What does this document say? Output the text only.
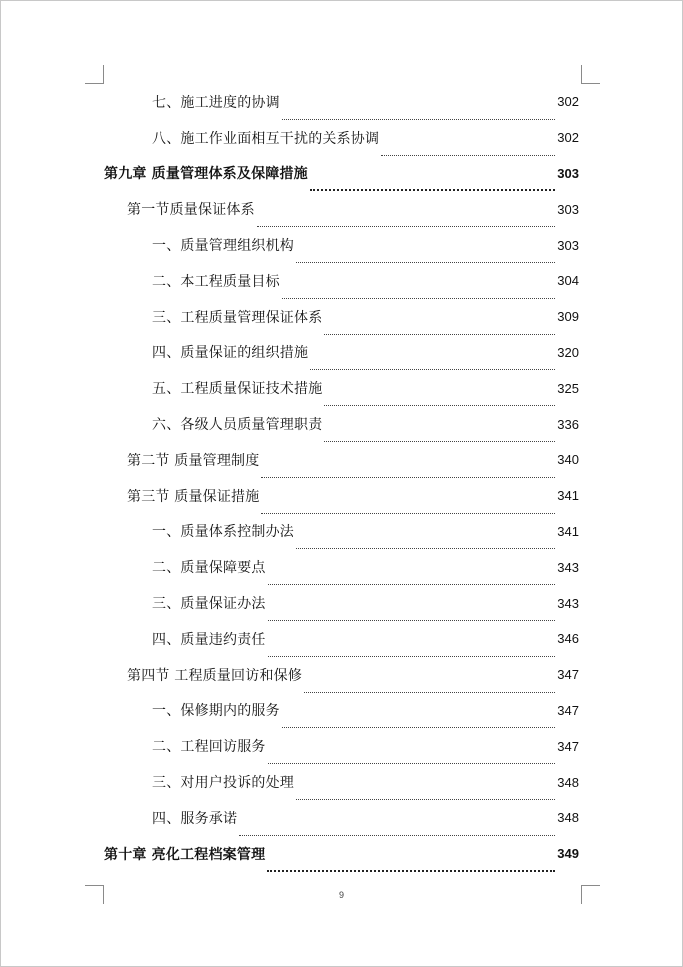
七、施工进度的协调	302
八、施工作业面相互干扰的关系协调	302
第九章 质量管理体系及保障措施	303
第一节质量保证体系	303
一、质量管理组织机构	303
二、本工程质量目标	304
三、工程质量管理保证体系	309
四、质量保证的组织措施	320
五、工程质量保证技术措施	325
六、各级人员质量管理职责	336
第二节 质量管理制度	340
第三节 质量保证措施	341
一、质量体系控制办法	341
二、质量保障要点	343
三、质量保证办法	343
四、质量违约责任	346
第四节 工程质量回访和保修	347
一、保修期内的服务	347
二、工程回访服务	347
三、对用户投诉的处理	348
四、服务承诺	348
第十章 亮化工程档案管理	349
9
